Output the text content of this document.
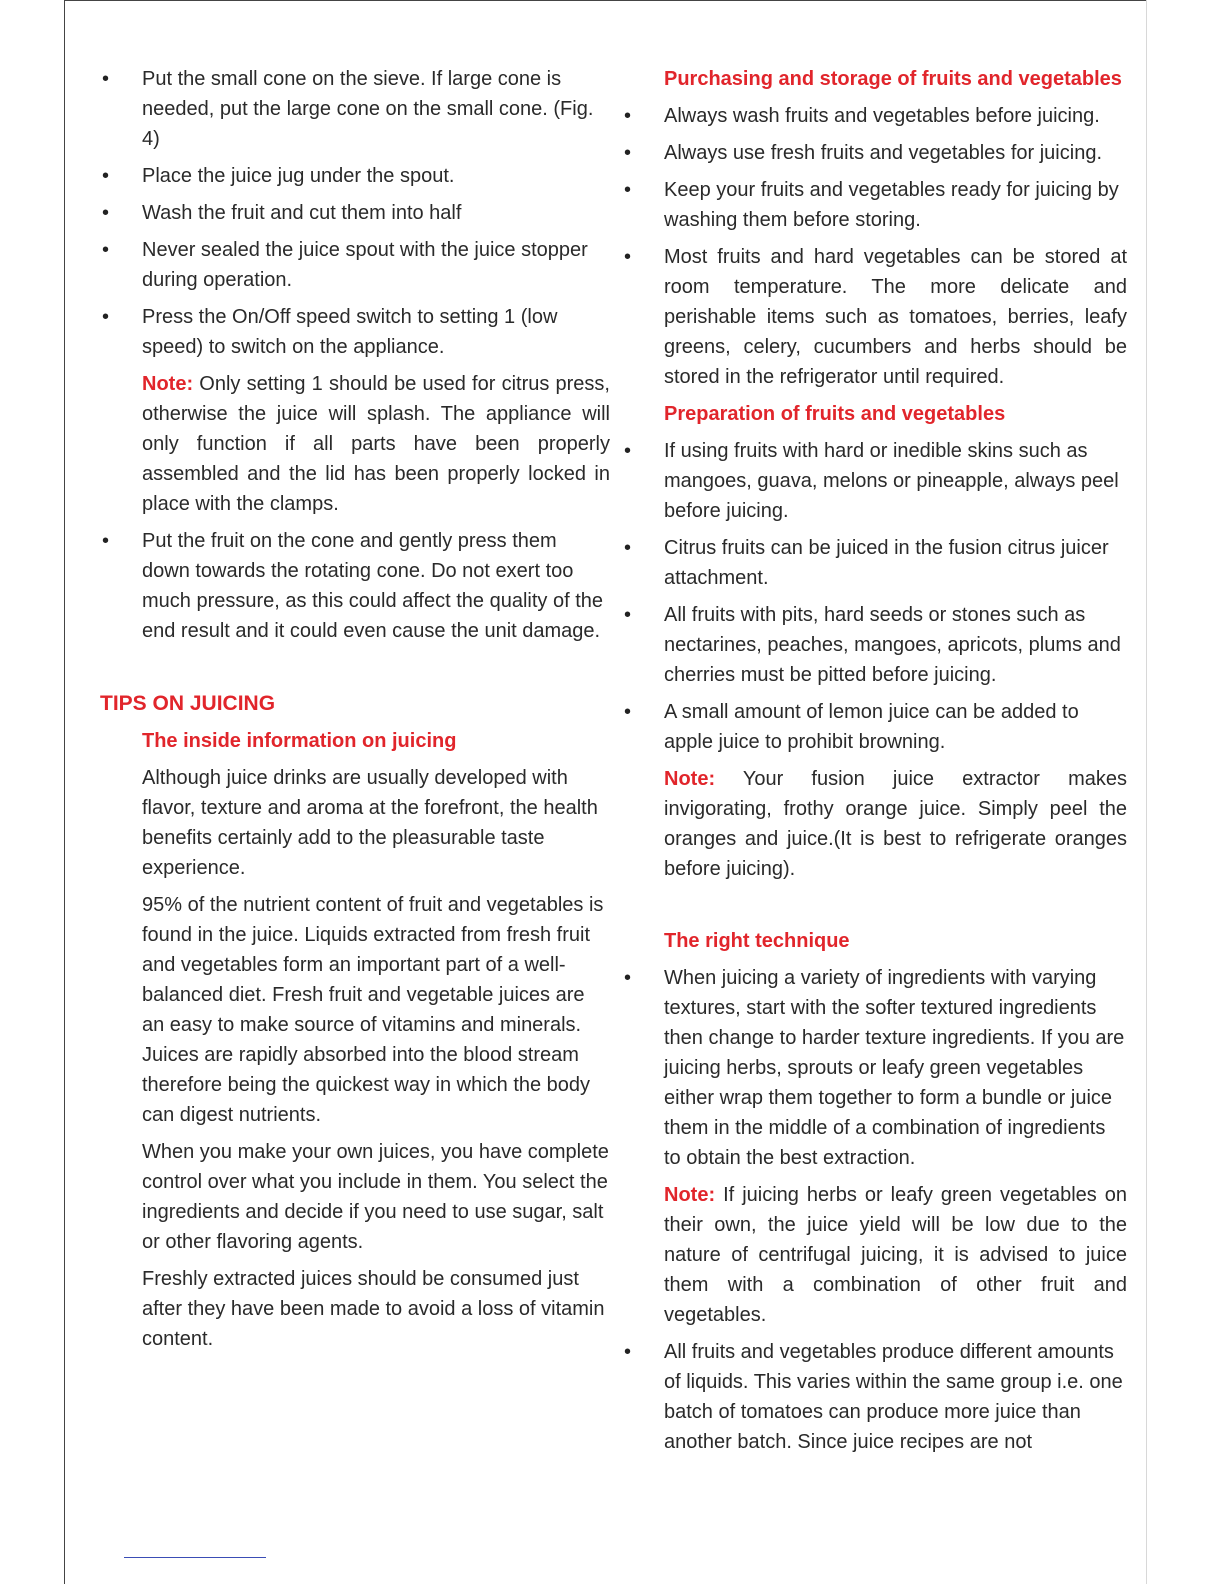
• Put the small cone on the sieve. If large cone is needed, put the large cone on the small cone. (Fig. 4)

• Place the juice jug under the spout.

• Wash the fruit and cut them into half

• Never sealed the juice spout with the juice stopper during operation.

• Press the On/Off speed switch to setting 1 (low speed) to switch on the appliance.

Note: Only setting 1 should be used for citrus press, otherwise the juice will splash. The appliance will only function if all parts have been properly assembled and the lid has been properly locked in place with the clamps.

• Put the fruit on the cone and gently press them down towards the rotating cone. Do not exert too much pressure, as this could affect the quality of the end result and it could even cause the unit damage.

TIPS ON JUICING
The inside information on juicing

Although juice drinks are usually developed with flavor, texture and aroma at the forefront, the health benefits certainly add to the pleasurable taste experience.

95% of the nutrient content of fruit and vegetables is found in the juice. Liquids extracted from fresh fruit and vegetables form an important part of a well-balanced diet. Fresh fruit and vegetable juices are an easy to make source of vitamins and minerals. Juices are rapidly absorbed into the blood stream therefore being the quickest way in which the body can digest nutrients.

When you make your own juices, you have complete control over what you include in them. You select the ingredients and decide if you need to use sugar, salt or other flavoring agents.

Freshly extracted juices should be consumed just after they have been made to avoid a loss of vitamin content.

Purchasing and storage of fruits and vegetables

• Always wash fruits and vegetables before juicing.

• Always use fresh fruits and vegetables for juicing.

• Keep your fruits and vegetables ready for juicing by washing them before storing.

• Most fruits and hard vegetables can be stored at room temperature. The more delicate and perishable items such as tomatoes, berries, leafy greens, celery, cucumbers and herbs should be stored in the refrigerator until required.

Preparation of fruits and vegetables

• If using fruits with hard or inedible skins such as mangoes, guava, melons or pineapple, always peel before juicing.

• Citrus fruits can be juiced in the fusion citrus juicer attachment.

• All fruits with pits, hard seeds or stones such as nectarines, peaches, mangoes, apricots, plums and cherries must be pitted before juicing.

• A small amount of lemon juice can be added to apple juice to prohibit browning.

Note: Your fusion juice extractor makes invigorating, frothy orange juice. Simply peel the oranges and juice.(It is best to refrigerate oranges before juicing).

The right technique

• When juicing a variety of ingredients with varying textures, start with the softer textured ingredients then change to harder texture ingredients. If you are juicing herbs, sprouts or leafy green vegetables either wrap them together to form a bundle or juice them in the middle of a combination of ingredients to obtain the best extraction.

Note: If juicing herbs or leafy green vegetables on their own, the juice yield will be low due to the nature of centrifugal juicing, it is advised to juice them with a combination of other fruit and vegetables.

• All fruits and vegetables produce different amounts of liquids. This varies within the same group i.e. one batch of tomatoes can produce more juice than another batch. Since juice recipes are not
